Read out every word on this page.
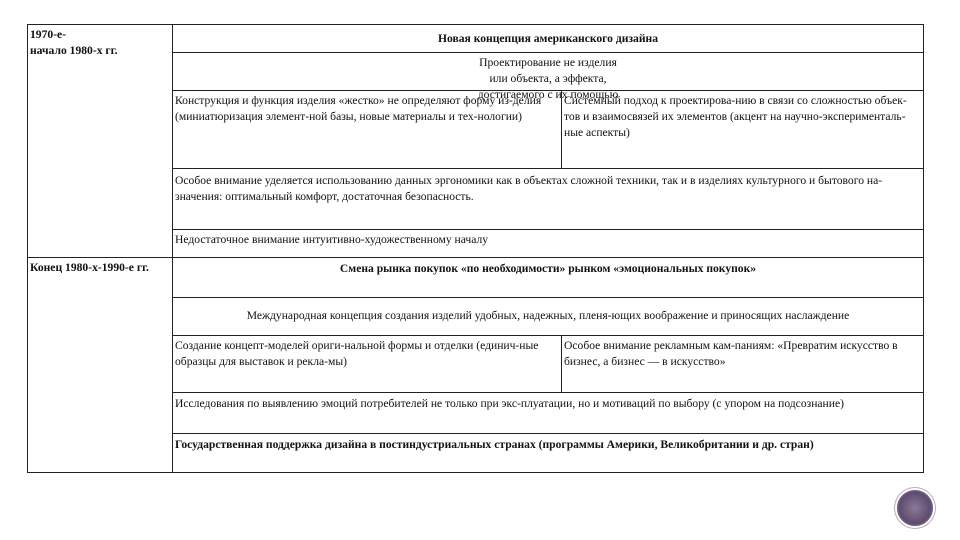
1970-е-
начало 1980-х гг.
Новая концепция американского дизайна
Проектирование не изделия или объекта, а эффекта, достигаемого с их помощью
Конструкция и функция изделия «жестко» не определяют форму из-делия (миниатюризация элемент-ной базы, новые материалы и тех-нологии)
Системный подход к проектирова-нию в связи со сложностью объек-тов и взаимосвязей их элементов (акцент на научно-эксперименталь-ные аспекты)
Особое внимание уделяется использованию данных эргономики как в объектах сложной техники, так и в изделиях культурного и бытового на-значения: оптимальный комфорт, достаточная безопасность.
Недостаточное внимание интуитивно-художественному началу
Конец 1980-х-1990-е гг.	Смена рынка покупок «по необходимости» рынком «эмоциональных покупок»
Международная концепция создания изделий удобных, надежных, пленя-ющих воображение и приносящих наслаждение
Создание концепт-моделей ориги-нальной формы и отделки (единич-ные образцы для выставок и рекла-мы)
Особое внимание рекламным кам-паниям: «Превратим искусство в бизнес, а бизнес — в искусство»
Исследования по выявлению эмоций потребителей не только при экс-плуатации, но и мотиваций по выбору (с упором на подсознание)
Государственная поддержка дизайна в постиндустриальных странах (программы Америки, Великобритании и др. стран)
